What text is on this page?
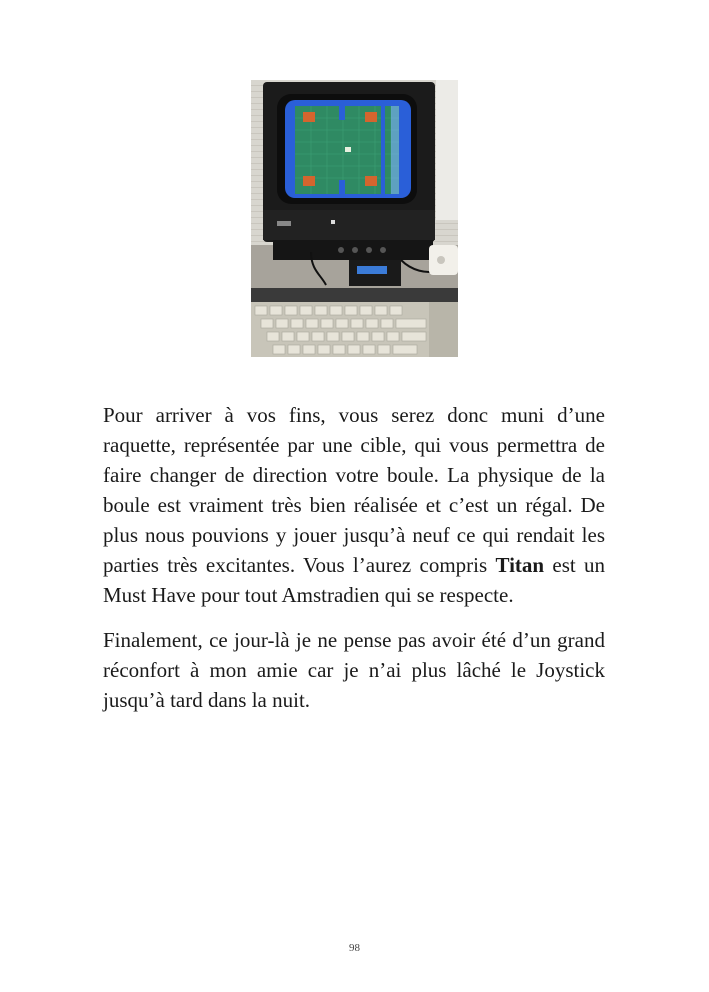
Pour arriver à vos fins, vous serez donc muni d’une raquette, représentée par une cible, qui vous permettra de faire changer de direction votre boule. La physique de la boule est vraiment très bien réalisée et c’est un régal. De plus nous pouvions y jouer jusqu’à neuf ce qui rendait les parties très excitantes. Vous l’aurez compris Titan est un Must Have pour tout Amstradien qui se respecte.

Finalement, ce jour-là je ne pense pas avoir été d’un grand réconfort à mon amie car je n’ai plus lâché le Joystick jusqu’à tard dans la nuit.

98
